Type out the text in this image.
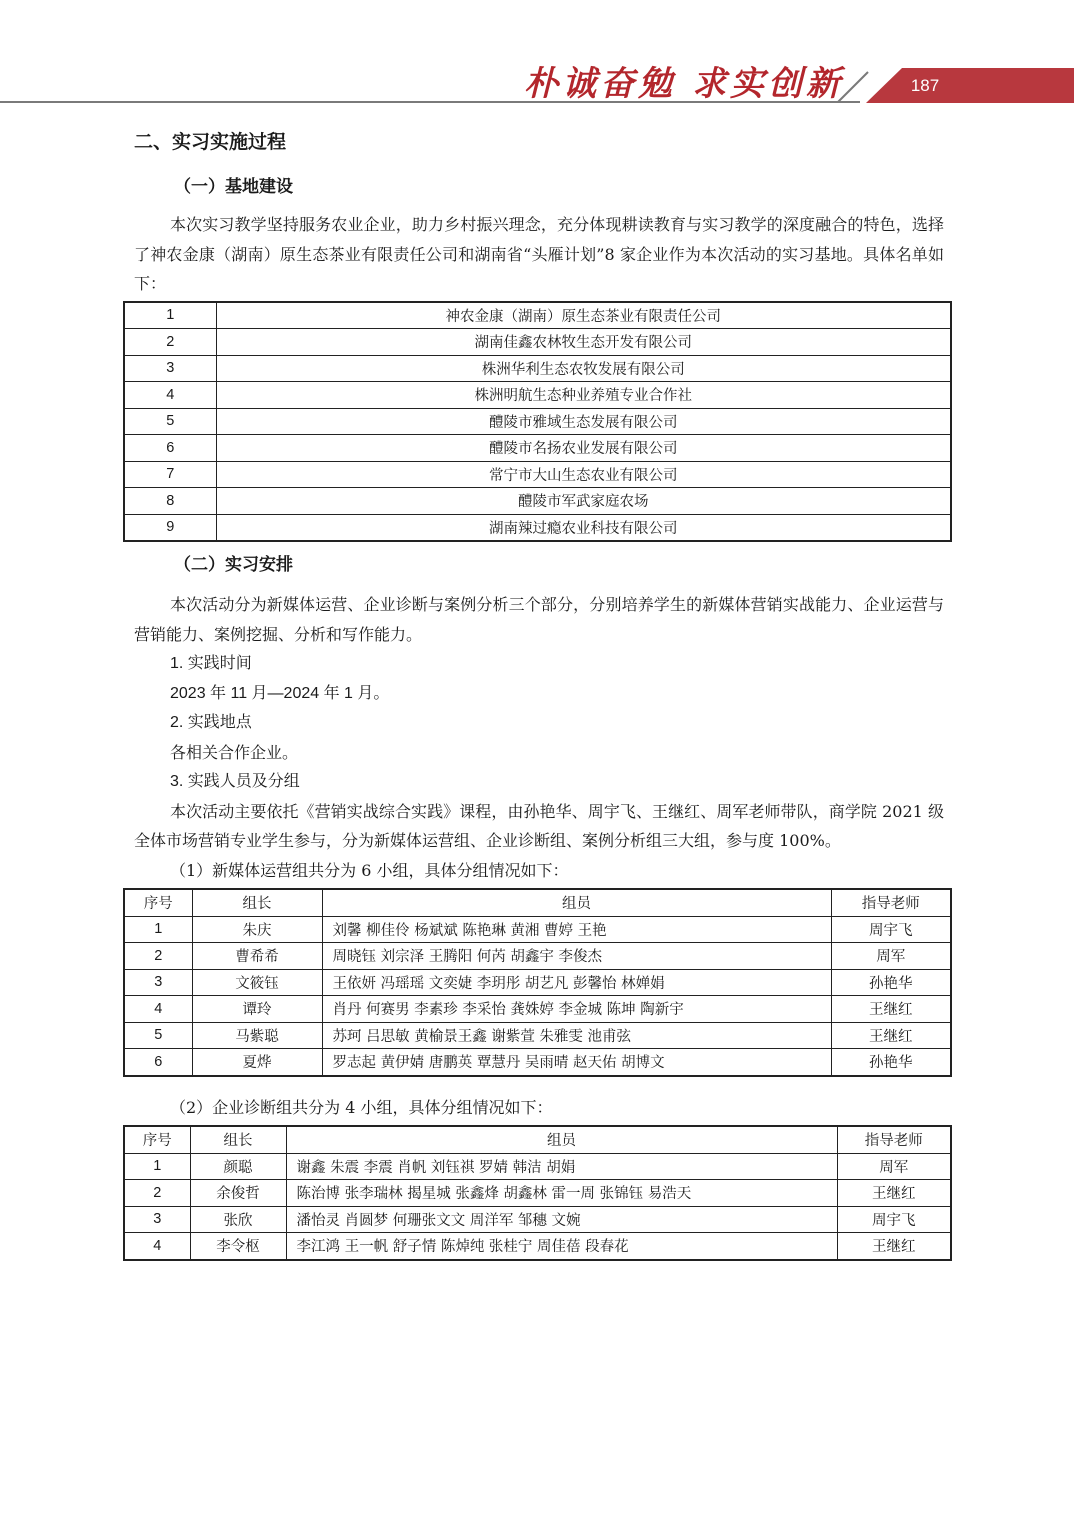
朴诚奋勉 求实创新	187
二、实习实施过程
（一）基地建设

本次实习教学坚持服务农业企业，助力乡村振兴理念，充分体现耕读教育与实习教学的深度融合的特色，选择了神农金康（湖南）原生态茶业有限责任公司和湖南省“头雁计划”8 家企业作为本次活动的实习基地。具体名单如下：

1	神农金康（湖南）原生态茶业有限责任公司
2	湖南佳鑫农林牧生态开发有限公司
3	株洲华利生态农牧发展有限公司
4	株洲明航生态种业养殖专业合作社
5	醴陵市雅域生态发展有限公司
6	醴陵市名扬农业发展有限公司
7	常宁市大山生态农业有限公司
8	醴陵市军武家庭农场
9	湖南辣过瘾农业科技有限公司
（二）实习安排

本次活动分为新媒体运营、企业诊断与案例分析三个部分，分别培养学生的新媒体营销实战能力、企业运营与营销能力、案例挖掘、分析和写作能力。

1. 实践时间

2023 年 11 月—2024 年 1 月。

2. 实践地点

各相关合作企业。

3. 实践人员及分组

本次活动主要依托《营销实战综合实践》课程，由孙艳华、周宇飞、王继红、周军老师带队，商学院 2021 级全体市场营销专业学生参与，分为新媒体运营组、企业诊断组、案例分析组三大组，参与度 100%。

（1）新媒体运营组共分为 6 小组，具体分组情况如下：

序号	组长	组员	指导老师
1	朱庆	刘馨 柳佳伶 杨斌斌 陈艳琳 黄湘 曹婷 王艳	周宇飞
2	曹希希	周晓钰 刘宗泽 王腾阳 何芮 胡鑫宇 李俊杰	周军
3	文筱钰	王依妍 冯瑶瑶 文奕婕 李玥彤 胡艺凡 彭馨怡 林婵娟	孙艳华
4	谭玲	肖丹 何赛男 李素珍 李采怡 龚姝婷 李金城 陈坤 陶新宇	王继红
5	马紫聪	苏珂 吕思敏 黄榆景王鑫 谢紫萱 朱雅雯 池甫弦	王继红
6	夏烨	罗志起 黄伊婧 唐鹏英 覃慧丹 吴雨晴 赵天佑 胡博文	孙艳华

（2）企业诊断组共分为 4 小组，具体分组情况如下：

序号	组长	组员	指导老师
1	颜聪	谢鑫 朱震 李震 肖帆 刘钰祺 罗婧 韩洁 胡娟	周军
2	余俊哲	陈治博 张李瑞林 揭星城 张鑫烽 胡鑫林 雷一周 张锦钰 易浩天	王继红
3	张欣	潘怡灵 肖圆梦 何珊张文文 周洋军 邹穗 文婉	周宇飞
4	李令枢	李江鸿 王一帆 舒子情 陈焯纯 张桂宁 周佳蓓 段春花	王继红
